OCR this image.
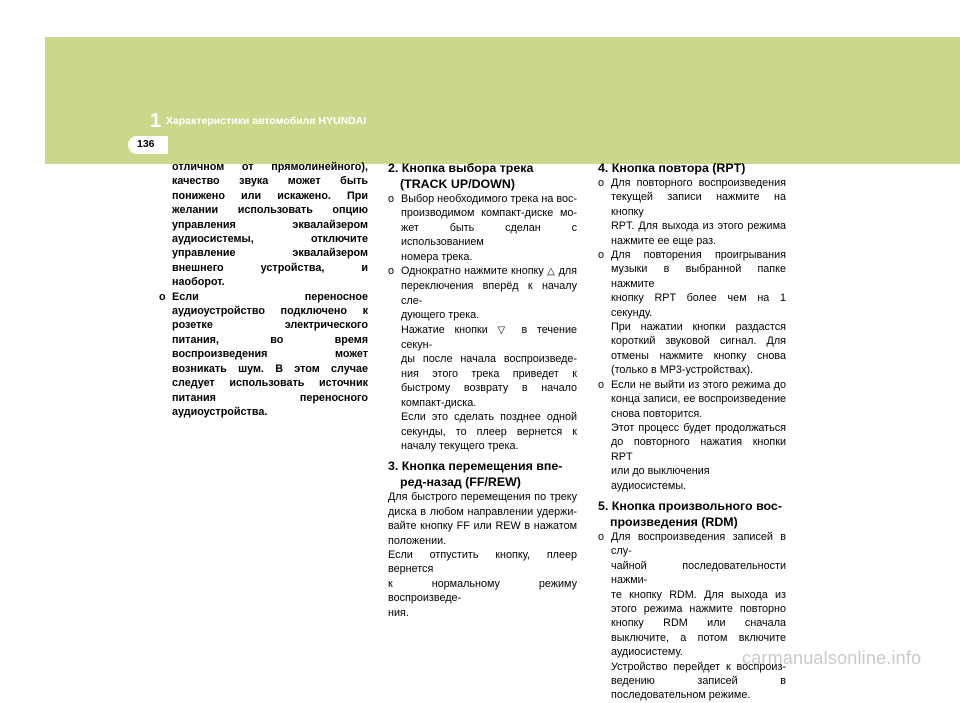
1 Характеристики автомобиля HYUNDAI
136
отличном от прямолинейного),
качество звука может быть
понижено или искажено. При
желании использовать опцию
управления эквалайзером
аудиосистемы, отключите
управление эквалайзером
внешнего устройства, и
наоборот.
o Если переносное
аудиоустройство подключено к
розетке электрического
питания, во время
воспроизведения может
возникать шум. В этом случае
следует использовать источник
питания переносного
аудиоустройства.
2. Кнопка выбора трека
(TRACK UP/DOWN)
o Выбор необходимого трека на вос-
производимом компакт-диске мо-
жет быть сделан с использованием
номера трека.
o Однократно нажмите кнопку △ для
переключения вперёд к началу сле-
дующего трека.
Нажатие кнопки ▽ в течение секун-
ды после начала воспроизведе-
ния этого трека приведет к
быстрому возврату в начало
компакт-диска.
Если это сделать позднее одной
секунды, то плеер вернется к
началу текущего трека.
3. Кнопка перемещения впе-
ред-назад (FF/REW)
Для быстрого перемещения по треку
диска в любом направлении удержи-
вайте кнопку FF или REW в нажатом
положении.
Если отпустить кнопку, плеер вернется
к нормальному режиму воспроизведе-
ния.
4. Кнопка повтора (RPT)
o Для повторного воспроизведения
текущей записи нажмите на кнопку
RPT. Для выхода из этого режима
нажмите ее еще раз.
o Для повторения проигрывания
музыки в выбранной папке нажмите
кнопку RPT более чем на 1 секунду.
При нажатии кнопки раздастся
короткий звуковой сигнал. Для
отмены нажмите кнопку снова
(только в MP3-устройствах).
o Если не выйти из этого режима до
конца записи, ее воспроизведение
снова повторится.
Этот процесс будет продолжаться
до повторного нажатия кнопки RPT
или до выключения аудиосистемы.
5. Кнопка произвольного вос-
произведения (RDM)
o Для воспроизведения записей в слу-
чайной последовательности нажми-
те кнопку RDM. Для выхода из
этого режима нажмите повторно
кнопку RDM или сначала
выключите, а потом включите
аудиосистему.
Устройство перейдет к воспроиз-
ведению записей в
последовательном режиме.
carmanualsonline.info
